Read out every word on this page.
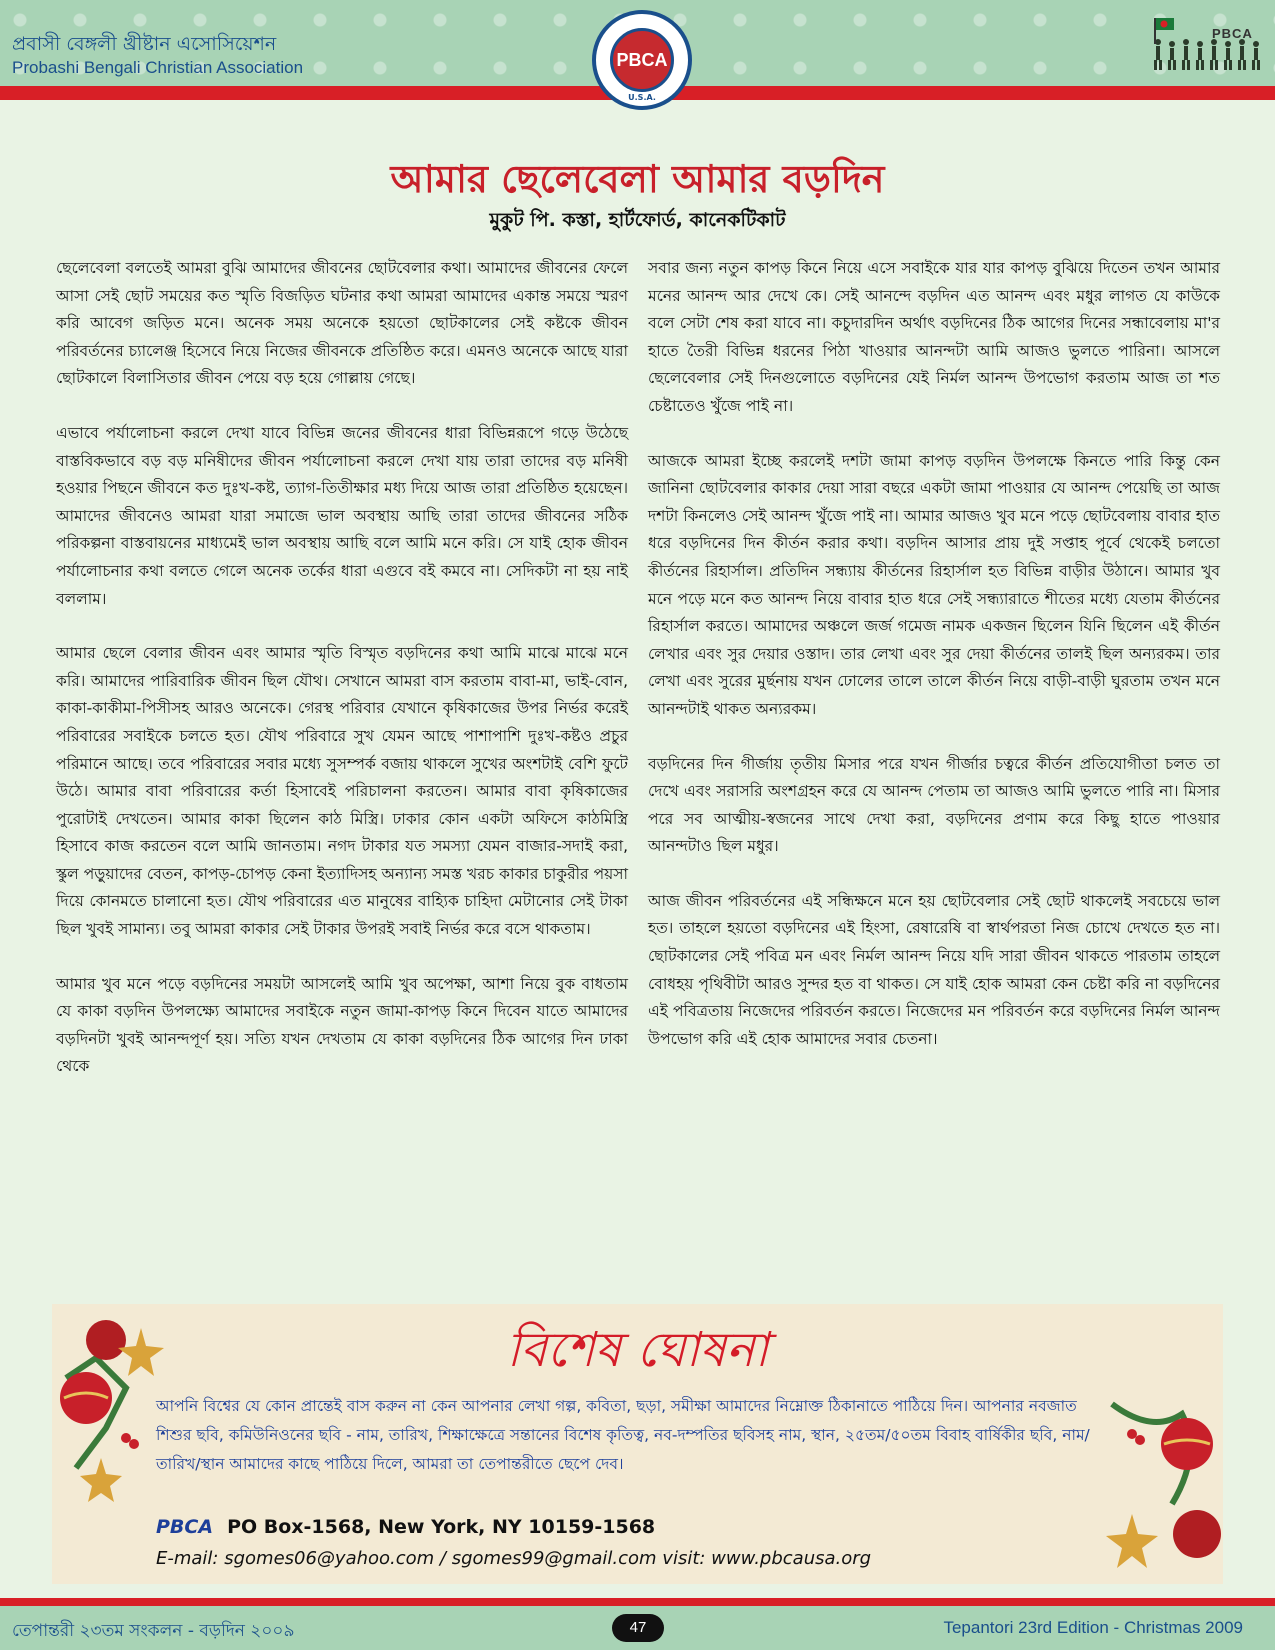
প্রবাসী বেঙ্গলী খ্রীষ্টান এসোসিয়েশন
Probashi Bengali Christian Association
PBCA
PBCA
U.S.A.
আমার ছেলেবেলা আমার বড়দিন
মুকুট পি. কস্তা, হার্টফোর্ড, কানেকটিকাট

ছেলেবেলা বলতেই আমরা বুঝি আমাদের জীবনের ছোটবেলার কথা। আমাদের জীবনের ফেলে আসা সেই ছোট সময়ের কত স্মৃতি বিজড়িত ঘটনার কথা আমরা আমাদের একান্ত সময়ে স্মরণ করি আবেগ জড়িত মনে। অনেক সময় অনেকে হয়তো ছোটকালের সেই কষ্টকে জীবন পরিবর্তনের চ্যালেঞ্জ হিসেবে নিয়ে নিজের জীবনকে প্রতিষ্ঠিত করে। এমনও অনেকে আছে যারা ছোটকালে বিলাসিতার জীবন পেয়ে বড় হয়ে গোল্লায় গেছে।

এভাবে পর্যালোচনা করলে দেখা যাবে বিভিন্ন জনের জীবনের ধারা বিভিন্নরূপে গড়ে উঠেছে বাস্তবিকভাবে বড় বড় মনিষীদের জীবন পর্যালোচনা করলে দেখা যায় তারা তাদের বড় মনিষী হওয়ার পিছনে জীবনে কত দুঃখ-কষ্ট, ত্যাগ-তিতীক্ষার মধ্য দিয়ে আজ তারা প্রতিষ্ঠিত হয়েছেন। আমাদের জীবনেও আমরা যারা সমাজে ভাল অবস্থায় আছি তারা তাদের জীবনের সঠিক পরিকল্পনা বাস্তবায়নের মাধ্যমেই ভাল অবস্থায় আছি বলে আমি মনে করি। সে যাই হোক জীবন পর্যালোচনার কথা বলতে গেলে অনেক তর্কের ধারা এগুবে বই কমবে না। সেদিকটা না হয় নাই বললাম।

আমার ছেলে বেলার জীবন এবং আমার স্মৃতি বিস্মৃত বড়দিনের কথা আমি মাঝে মাঝে মনে করি। আমাদের পারিবারিক জীবন ছিল যৌথ। সেখানে আমরা বাস করতাম বাবা-মা, ভাই-বোন, কাকা-কাকীমা-পিসীসহ আরও অনেকে। গেরস্থ পরিবার যেখানে কৃষিকাজের উপর নির্ভর করেই পরিবারের সবাইকে চলতে হত। যৌথ পরিবারে সুখ যেমন আছে পাশাপাশি দুঃখ-কষ্টও প্রচুর পরিমানে আছে। তবে পরিবারের সবার মধ্যে সুসম্পর্ক বজায় থাকলে সুখের অংশটাই বেশি ফুটে উঠে। আমার বাবা পরিবারের কর্তা হিসাবেই পরিচালনা করতেন। আমার বাবা কৃষিকাজের পুরোটাই দেখতেন। আমার কাকা ছিলেন কাঠ মিস্ত্রি। ঢাকার কোন একটা অফিসে কাঠমিস্ত্রি হিসাবে কাজ করতেন বলে আমি জানতাম। নগদ টাকার যত সমস্যা যেমন বাজার-সদাই করা, স্কুল পড়ুয়াদের বেতন, কাপড়-চোপড় কেনা ইত্যাদিসহ অন্যান্য সমস্ত খরচ কাকার চাকুরীর পয়সা দিয়ে কোনমতে চালানো হত। যৌথ পরিবারের এত মানুষের বাহ্যিক চাহিদা মেটানোর সেই টাকা ছিল খুবই সামান্য। তবু আমরা কাকার সেই টাকার উপরই সবাই নির্ভর করে বসে থাকতাম।

আমার খুব মনে পড়ে বড়দিনের সময়টা আসলেই আমি খুব অপেক্ষা, আশা নিয়ে বুক বাধতাম যে কাকা বড়দিন উপলক্ষ্যে আমাদের সবাইকে নতুন জামা-কাপড় কিনে দিবেন যাতে আমাদের বড়দিনটা খুবই আনন্দপূর্ণ হয়। সত্যি যখন দেখতাম যে কাকা বড়দিনের ঠিক আগের দিন ঢাকা থেকে

সবার জন্য নতুন কাপড় কিনে নিয়ে এসে সবাইকে যার যার কাপড় বুঝিয়ে দিতেন তখন আমার মনের আনন্দ আর দেখে কে। সেই আনন্দে বড়দিন এত আনন্দ এবং মধুর লাগত যে কাউকে বলে সেটা শেষ করা যাবে না। কচুদারদিন অর্থাৎ বড়দিনের ঠিক আগের দিনের সন্ধাবেলায় মা'র হাতে তৈরী বিভিন্ন ধরনের পিঠা খাওয়ার আনন্দটা আমি আজও ভুলতে পারিনা। আসলে ছেলেবেলার সেই দিনগুলোতে বড়দিনের যেই নির্মল আনন্দ উপভোগ করতাম আজ তা শত চেষ্টাতেও খুঁজে পাই না।

আজকে আমরা ইচ্ছে করলেই দশটা জামা কাপড় বড়দিন উপলক্ষে কিনতে পারি কিন্তু কেন জানিনা ছোটবেলার কাকার দেয়া সারা বছরে একটা জামা পাওয়ার যে আনন্দ পেয়েছি তা আজ দশটা কিনলেও সেই আনন্দ খুঁজে পাই না। আমার আজও খুব মনে পড়ে ছোটবেলায় বাবার হাত ধরে বড়দিনের দিন কীর্তন করার কথা। বড়দিন আসার প্রায় দুই সপ্তাহ পূর্বে থেকেই চলতো কীর্তনের রিহার্সাল। প্রতিদিন সন্ধ্যায় কীর্তনের রিহার্সাল হত বিভিন্ন বাড়ীর উঠানে। আমার খুব মনে পড়ে মনে কত আনন্দ নিয়ে বাবার হাত ধরে সেই সন্ধ্যারাতে শীতের মধ্যে যেতাম কীর্তনের রিহার্সাল করতে। আমাদের অঞ্চলে জর্জ গমেজ নামক একজন ছিলেন যিনি ছিলেন এই কীর্তন লেখার এবং সুর দেয়ার ওস্তাদ। তার লেখা এবং সুর দেয়া কীর্তনের তালই ছিল অন্যরকম। তার লেখা এবং সুরের মুর্ছনায় যখন ঢোলের তালে তালে কীর্তন নিয়ে বাড়ী-বাড়ী ঘুরতাম তখন মনে আনন্দটাই থাকত অন্যরকম।

বড়দিনের দিন গীর্জায় তৃতীয় মিসার পরে যখন গীর্জার চত্বরে কীর্তন প্রতিযোগীতা চলত তা দেখে এবং সরাসরি অংশগ্রহন করে যে আনন্দ পেতাম তা আজও আমি ভুলতে পারি না। মিসার পরে সব আত্মীয়-স্বজনের সাথে দেখা করা, বড়দিনের প্রণাম করে কিছু হাতে পাওয়ার আনন্দটাও ছিল মধুর।

আজ জীবন পরিবর্তনের এই সন্ধিক্ষনে মনে হয় ছোটবেলার সেই ছোট থাকলেই সবচেয়ে ভাল হত। তাহলে হয়তো বড়দিনের এই হিংসা, রেষারেষি বা স্বার্থপরতা নিজ চোখে দেখতে হত না। ছোটকালের সেই পবিত্র মন এবং নির্মল আনন্দ নিয়ে যদি সারা জীবন থাকতে পারতাম তাহলে বোধহয় পৃথিবীটা আরও সুন্দর হত বা থাকত। সে যাই হোক আমরা কেন চেষ্টা করি না বড়দিনের এই পবিত্রতায় নিজেদের পরিবর্তন করতে। নিজেদের মন পরিবর্তন করে বড়দিনের নির্মল আনন্দ উপভোগ করি এই হোক আমাদের সবার চেতনা।

বিশেষ ঘোষনা
আপনি বিশ্বের যে কোন প্রান্তেই বাস করুন না কেন আপনার লেখা গল্প, কবিতা, ছড়া, সমীক্ষা আমাদের নিম্নোক্ত ঠিকানাতে পাঠিয়ে দিন। আপনার নবজাত শিশুর ছবি, কমিউনিওনের ছবি - নাম, তারিখ, শিক্ষাক্ষেত্রে সন্তানের বিশেষ কৃতিত্ব, নব-দম্পতির ছবিসহ নাম, স্থান, ২৫তম/৫০তম বিবাহ বার্ষিকীর ছবি, নাম/তারিখ/স্থান আমাদের কাছে পাঠিয়ে দিলে, আমরা তা তেপান্তরীতে ছেপে দেব।
PBCA PO Box-1568, New York, NY 10159-1568
E-mail: sgomes06@yahoo.com / sgomes99@gmail.com visit: www.pbcausa.org
তেপান্তরী ২৩তম সংকলন - বড়দিন ২০০৯	47	Tepantori 23rd Edition - Christmas 2009
